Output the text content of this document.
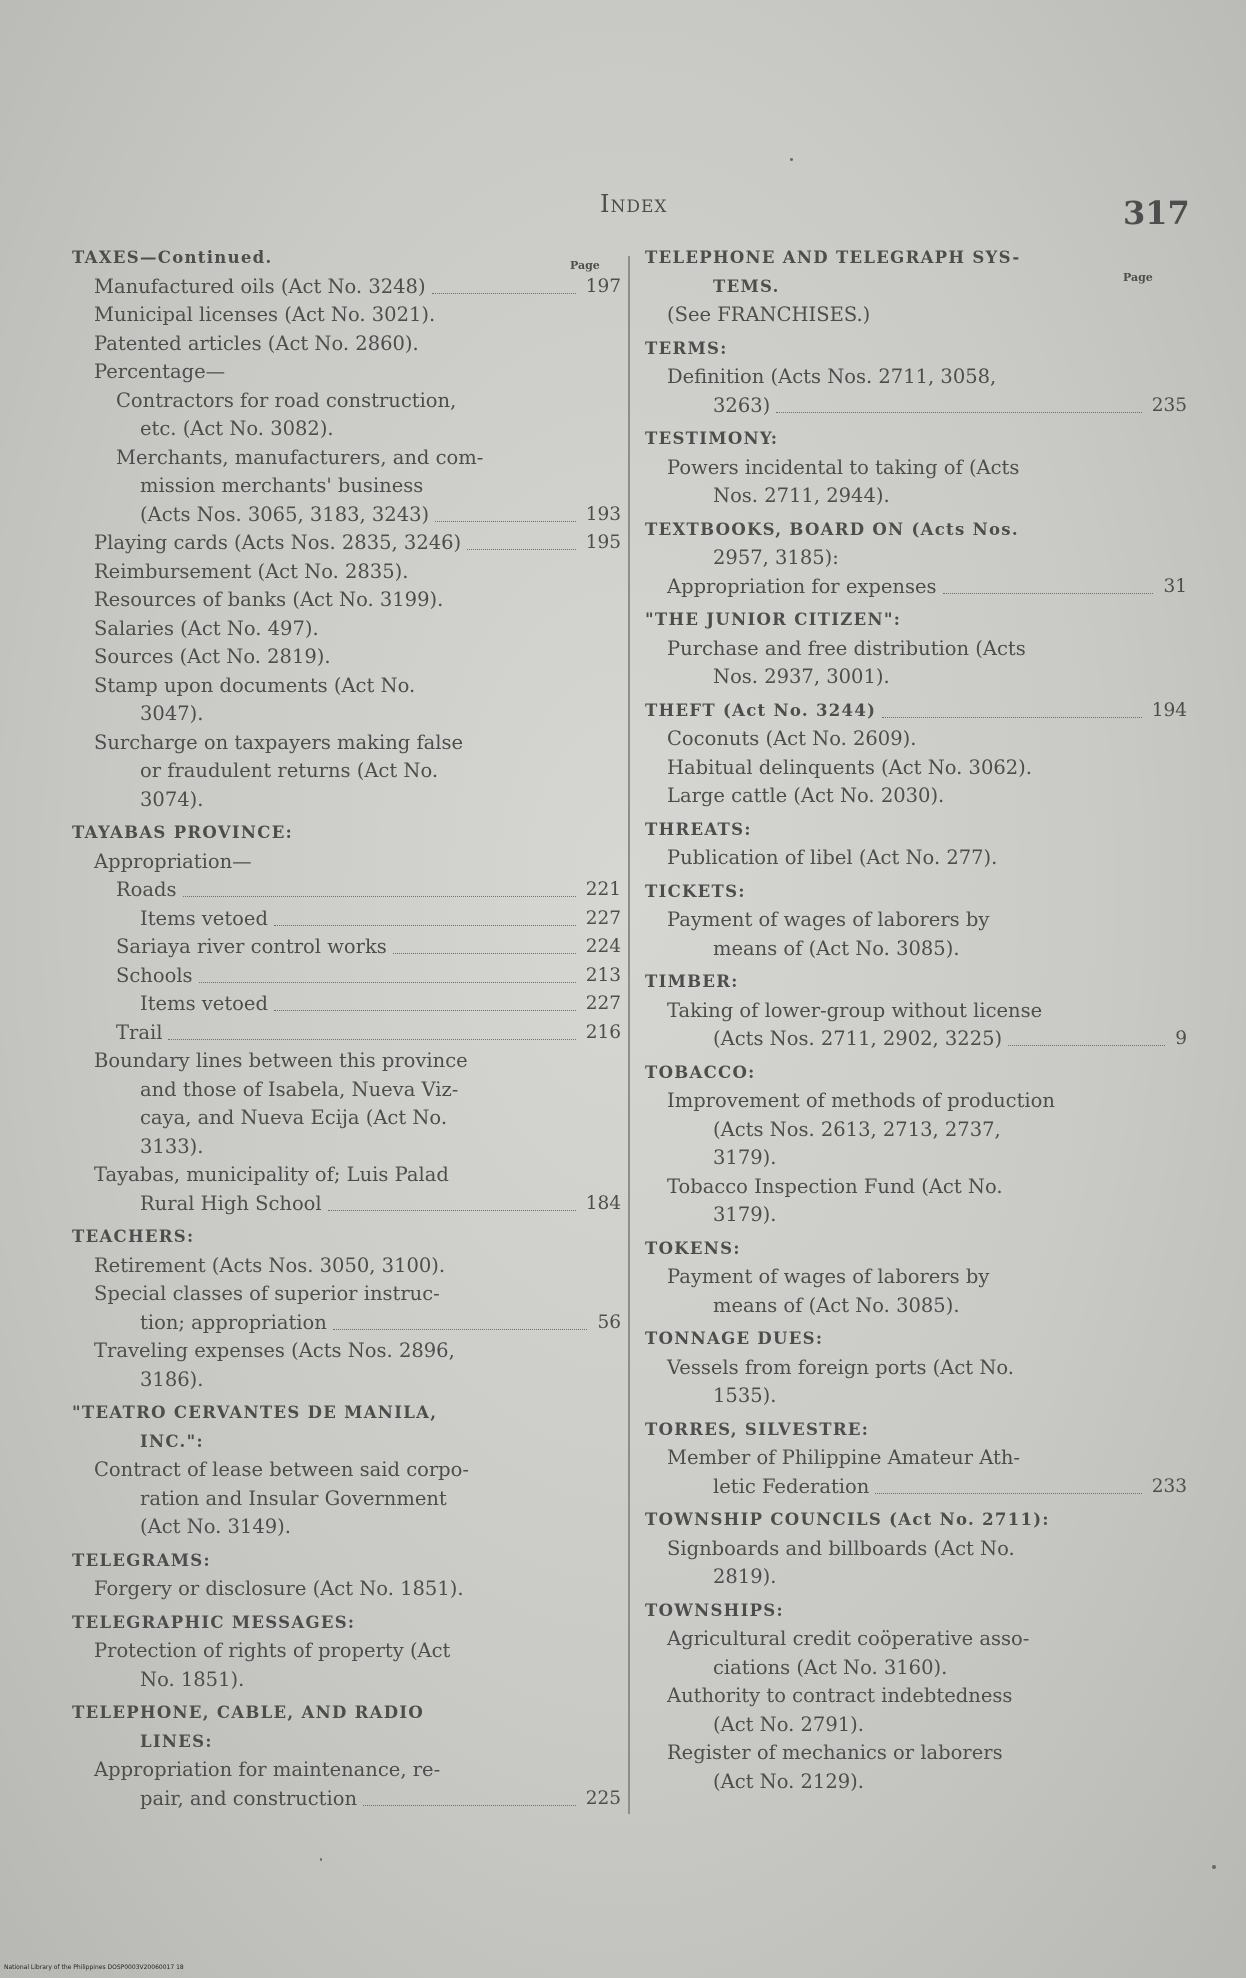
Index	317
Page
TAXES—Continued.
Manufactured oils (Act No. 3248)	197
Municipal licenses (Act No. 3021).
Patented articles (Act No. 2860).
Percentage—
Contractors for road construction,
etc. (Act No. 3082).
Merchants, manufacturers, and com-
mission merchants' business
(Acts Nos. 3065, 3183, 3243)	193
Playing cards (Acts Nos. 2835, 3246)	195
Reimbursement (Act No. 2835).
Resources of banks (Act No. 3199).
Salaries (Act No. 497).
Sources (Act No. 2819).
Stamp upon documents (Act No.
3047).
Surcharge on taxpayers making false
or fraudulent returns (Act No.
3074).
TAYABAS PROVINCE:
Appropriation—
Roads	221
Items vetoed	227
Sariaya river control works	224
Schools	213
Items vetoed	227
Trail	216
Boundary lines between this province
and those of Isabela, Nueva Viz-
caya, and Nueva Ecija (Act No.
3133).
Tayabas, municipality of; Luis Palad
Rural High School	184
TEACHERS:
Retirement (Acts Nos. 3050, 3100).
Special classes of superior instruc-
tion; appropriation	56
Traveling expenses (Acts Nos. 2896,
3186).
"TEATRO CERVANTES DE MANILA,
INC.":
Contract of lease between said corpo-
ration and Insular Government
(Act No. 3149).
TELEGRAMS:
Forgery or disclosure (Act No. 1851).
TELEGRAPHIC MESSAGES:
Protection of rights of property (Act
No. 1851).
TELEPHONE, CABLE, AND RADIO
LINES:
Appropriation for maintenance, re-
pair, and construction	225
Page
TELEPHONE AND TELEGRAPH SYS-
TEMS.
(See FRANCHISES.)
TERMS:
Definition (Acts Nos. 2711, 3058,
3263)	235
TESTIMONY:
Powers incidental to taking of (Acts
Nos. 2711, 2944).
TEXTBOOKS, BOARD ON (Acts Nos.
2957, 3185):
Appropriation for expenses	31
"THE JUNIOR CITIZEN":
Purchase and free distribution (Acts
Nos. 2937, 3001).
THEFT (Act No. 3244)	194
Coconuts (Act No. 2609).
Habitual delinquents (Act No. 3062).
Large cattle (Act No. 2030).
THREATS:
Publication of libel (Act No. 277).
TICKETS:
Payment of wages of laborers by
means of (Act No. 3085).
TIMBER:
Taking of lower-group without license
(Acts Nos. 2711, 2902, 3225)	9
TOBACCO:
Improvement of methods of production
(Acts Nos. 2613, 2713, 2737,
3179).
Tobacco Inspection Fund (Act No.
3179).
TOKENS:
Payment of wages of laborers by
means of (Act No. 3085).
TONNAGE DUES:
Vessels from foreign ports (Act No.
1535).
TORRES, SILVESTRE:
Member of Philippine Amateur Ath-
letic Federation	233
TOWNSHIP COUNCILS (Act No. 2711):
Signboards and billboards (Act No.
2819).
TOWNSHIPS:
Agricultural credit coöperative asso-
ciations (Act No. 3160).
Authority to contract indebtedness
(Act No. 2791).
Register of mechanics or laborers
(Act No. 2129).
National Library of the Philippines DOSP0003V20060017 18
